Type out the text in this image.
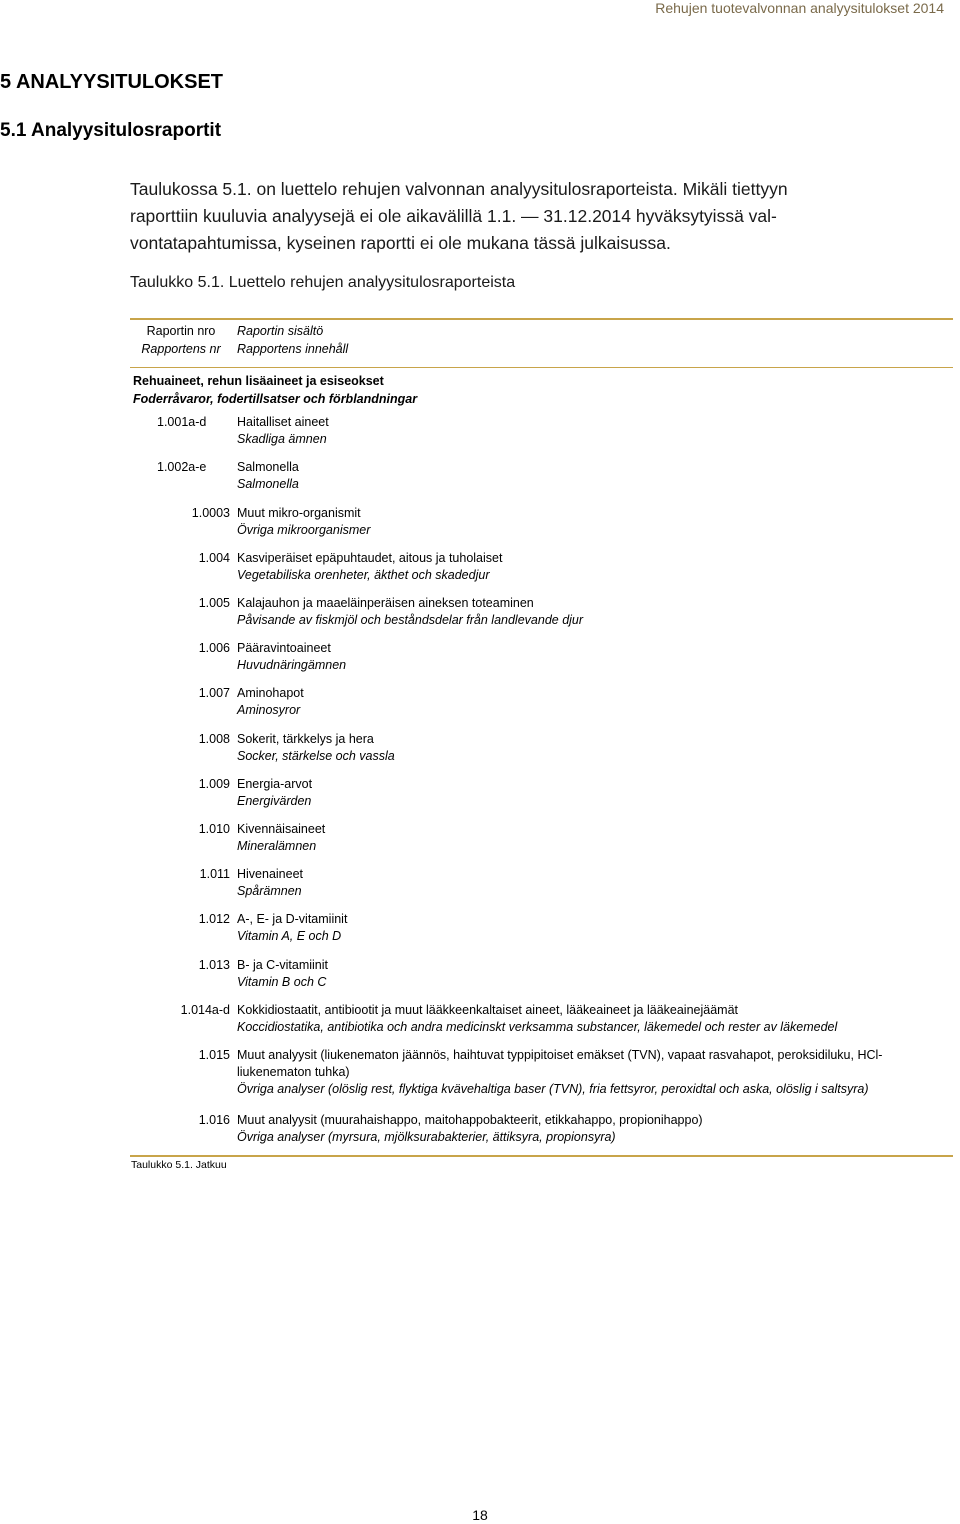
Rehujen tuotevalvonnan analyysitulokset 2014
5 ANALYYSITULOKSET
5.1 Analyysitulosraportit

Taulukossa 5.1. on luettelo rehujen valvonnan analyysitulosraporteista. Mikäli tiettyyn

raporttiin kuuluvia analyysejä ei ole aikavälillä 1.1. — 31.12.2014 hyväksytyissä val-

vontatapahtumissa, kyseinen raportti ei ole mukana tässä julkaisussa.

Taulukko 5.1. Luettelo rehujen analyysitulosraporteista
Raportin nro
Rapportens nr
Raportin sisältö
Rapportens innehåll
Rehuaineet, rehun lisäaineet ja esiseokset
Foderråvaror, fodertillsatser och förblandningar
1.001a-d	Haitalliset aineet
Skadliga ämnen
1.002a-e	Salmonella
Salmonella
1.0003 Muut mikro-organismit
Övriga mikroorganismer
1.004 Kasviperäiset epäpuhtaudet, aitous ja tuholaiset
Vegetabiliska orenheter, äkthet och skadedjur
1.005 Kalajauhon ja maaeläinperäisen aineksen toteaminen
Påvisande av fiskmjöl och beståndsdelar från landlevande djur
1.006 Pääravintoaineet
Huvudnäringämnen
1.007 Aminohapot
Aminosyror
1.008 Sokerit, tärkkelys ja hera
Socker, stärkelse och vassla
1.009 Energia-arvot
Energivärden
1.010 Kivennäisaineet
Mineralämnen
1.011 Hivenaineet
Spårämnen
1.012 A-, E- ja D-vitamiinit
Vitamin A, E och D
1.013 B- ja C-vitamiinit
Vitamin B och C
1.014a-d Kokkidiostaatit, antibiootit ja muut lääkkeenkaltaiset aineet, lääkeaineet ja lääkeainejäämät
Koccidiostatika, antibiotika och andra medicinskt verksamma substancer, läkemedel och rester av läkemedel
1.015 Muut analyysit (liukenematon jäännös, haihtuvat typpipitoiset emäkset (TVN), vapaat rasvahapot, peroksidiluku, HCl-
liukenematon tuhka)
Övriga analyser (olöslig rest, flyktiga kvävehaltiga baser (TVN), fria fettsyror, peroxidtal och aska, olöslig i saltsyra)
1.016 Muut analyysit (muurahaishappo, maitohappobakteerit, etikkahappo, propionihappo)
Övriga analyser (myrsura, mjölksurabakterier, ättiksyra, propionsyra)
Taulukko 5.1. Jatkuu
18
